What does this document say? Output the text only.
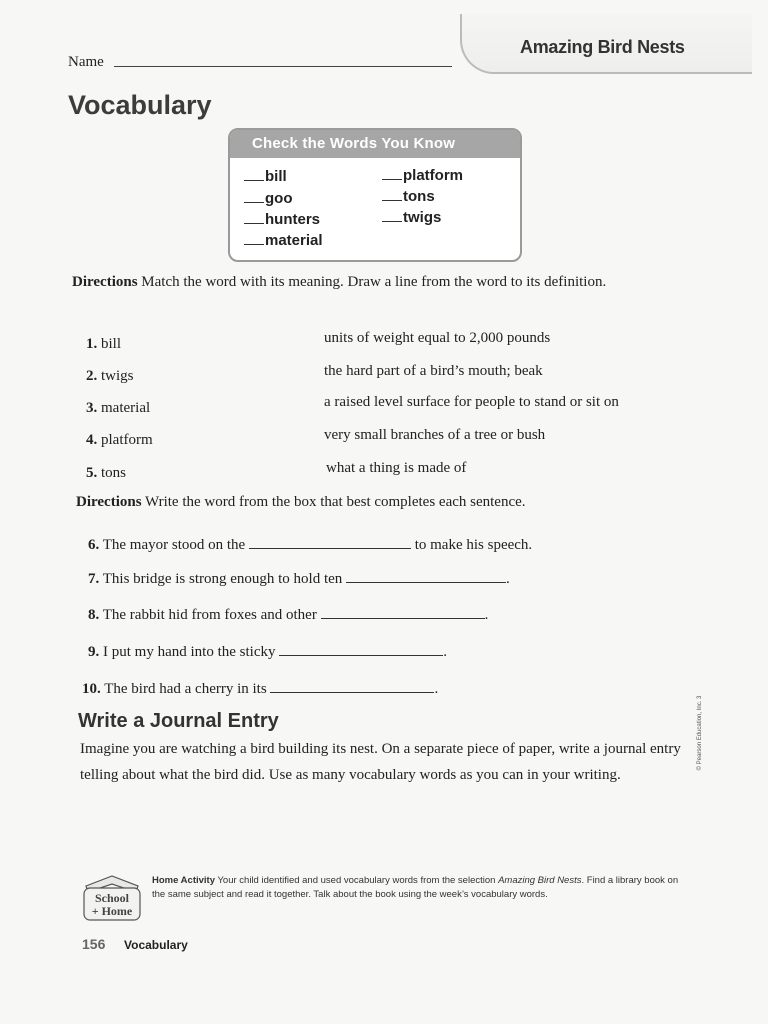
Amazing Bird Nests
Name
Vocabulary
Check the Words You Know
bill
goo
hunters
material
platform
tons
twigs
Directions Match the word with its meaning. Draw a line from the word to its definition.
1. bill
2. twigs
3. material
4. platform
5. tons
units of weight equal to 2,000 pounds
the hard part of a bird’s mouth; beak
a raised level surface for people to stand or sit on
very small branches of a tree or bush
what a thing is made of
Directions Write the word from the box that best completes each sentence.
6. The mayor stood on the	to make his speech.
7. This bridge is strong enough to hold ten	.
8. The rabbit hid from foxes and other	.
9. I put my hand into the sticky	.
10. The bird had a cherry in its	.
Write a Journal Entry
Imagine you are watching a bird building its nest. On a separate piece of paper, write a journal entry telling about what the bird did. Use as many vocabulary words as you can in your writing.
© Pearson Education, Inc. 3
School
+ Home
Home Activity Your child identified and used vocabulary words from the selection Amazing Bird Nests. Find a library book on the same subject and read it together. Talk about the book using the week’s vocabulary words.
156 Vocabulary
